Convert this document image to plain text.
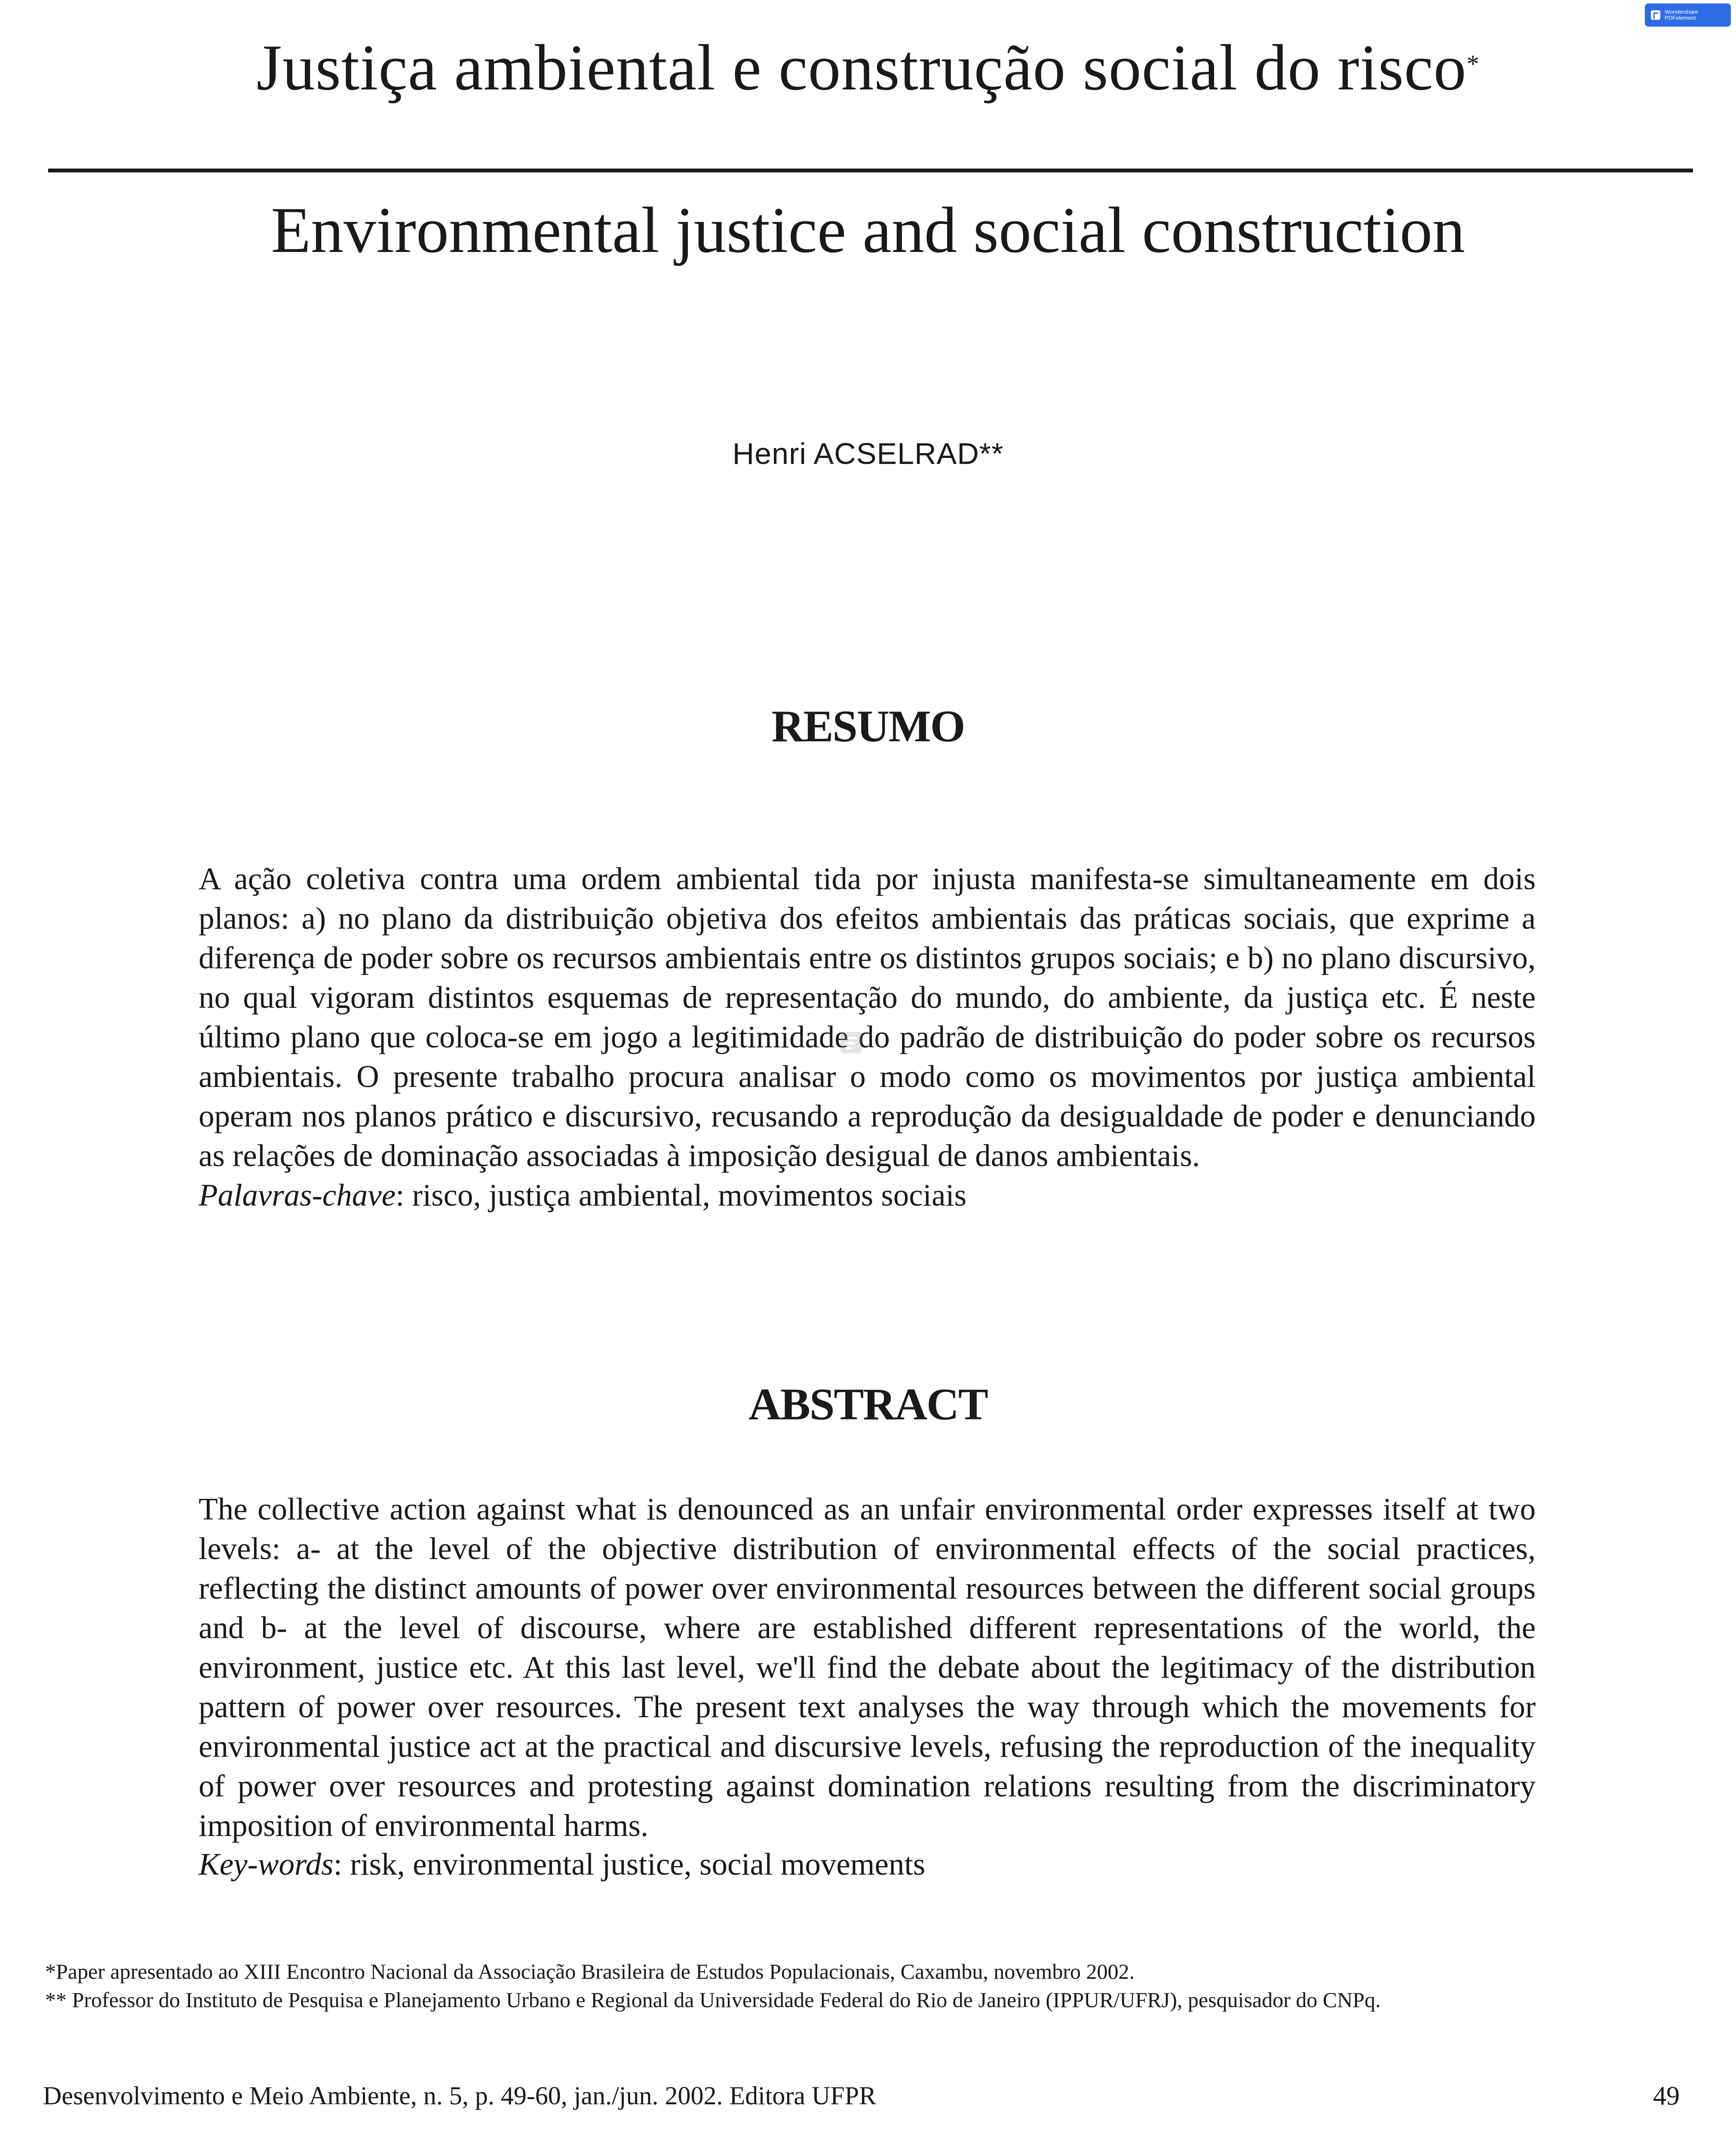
Wondershare
PDFelement
Justiça ambiental e construção social do risco*
Environmental justice and social construction
Henri ACSELRAD**
RESUMO

A ação coletiva contra uma ordem ambiental tida por injusta manifesta-se simultaneamente em dois planos: a) no plano da distribuição objetiva dos efeitos ambientais das práticas sociais, que exprime a diferença de poder sobre os recursos ambientais entre os distintos grupos sociais; e b) no plano discursivo, no qual vigoram distintos esquemas de representação do mundo, do ambiente, da justiça etc. É neste último plano que coloca-se em jogo a legitimidade do padrão de distribuição do poder sobre os recursos ambientais. O presente trabalho procura analisar o modo como os movimentos por justiça ambiental operam nos planos prático e discursivo, recusando a reprodução da desigualdade de poder e denunciando as relações de dominação associadas à imposição desigual de danos ambientais.

Palavras-chave: risco, justiça ambiental, movimentos sociais
ABSTRACT

The collective action against what is denounced as an unfair environmental order expresses itself at two levels: a- at the level of the objective distribution of environmental effects of the social practices, reflecting the distinct amounts of power over environmental resources between the different social groups and b- at the level of discourse, where are established different representations of the world, the environment, justice etc. At this last level, we'll find the debate about the legitimacy of the distribution pattern of power over resources. The present text analyses the way through which the movements for environmental justice act at the practical and discursive levels, refusing the reproduction of the inequality of power over resources and protesting against domination relations resulting from the discriminatory imposition of environmental harms.

Key-words: risk, environmental justice, social movements
*Paper apresentado ao XIII Encontro Nacional da Associação Brasileira de Estudos Populacionais, Caxambu, novembro 2002.
** Professor do Instituto de Pesquisa e Planejamento Urbano e Regional da Universidade Federal do Rio de Janeiro (IPPUR/UFRJ), pesquisador do CNPq.
Desenvolvimento e Meio Ambiente, n. 5, p. 49-60, jan./jun. 2002. Editora UFPR	49
